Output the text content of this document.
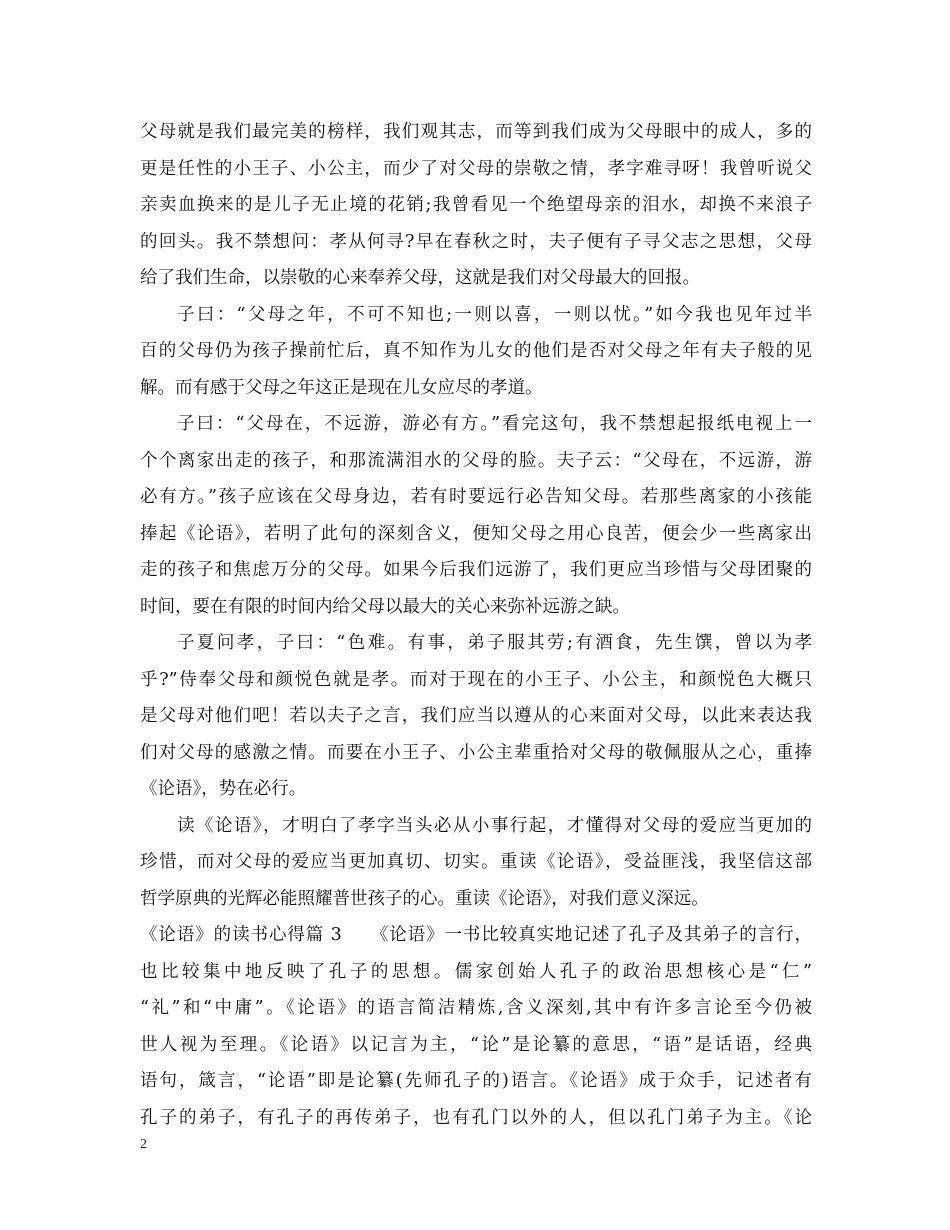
父母就是我们最完美的榜样，我们观其志，而等到我们成为父母眼中的成人，多的
更是任性的小王子、小公主，而少了对父母的崇敬之情，孝字难寻呀！我曾听说父
亲卖血换来的是儿子无止境的花销;我曾看见一个绝望母亲的泪水，却换不来浪子
的回头。我不禁想问：孝从何寻?早在春秋之时，夫子便有子寻父志之思想，父母
给了我们生命，以崇敬的心来奉养父母，这就是我们对父母最大的回报。
子曰：“父母之年，不可不知也;一则以喜，一则以忧。”如今我也见年过半
百的父母仍为孩子操前忙后，真不知作为儿女的他们是否对父母之年有夫子般的见
解。而有感于父母之年这正是现在儿女应尽的孝道。
子曰：“父母在，不远游，游必有方。”看完这句，我不禁想起报纸电视上一
个个离家出走的孩子，和那流满泪水的父母的脸。夫子云：“父母在，不远游，游
必有方。”孩子应该在父母身边，若有时要远行必告知父母。若那些离家的小孩能
捧起《论语》，若明了此句的深刻含义，便知父母之用心良苦，便会少一些离家出
走的孩子和焦虑万分的父母。如果今后我们远游了，我们更应当珍惜与父母团聚的
时间，要在有限的时间内给父母以最大的关心来弥补远游之缺。
子夏问孝，子曰：“色难。有事，弟子服其劳;有酒食，先生馔，曾以为孝
乎?”侍奉父母和颜悦色就是孝。而对于现在的小王子、小公主，和颜悦色大概只
是父母对他们吧！若以夫子之言，我们应当以遵从的心来面对父母，以此来表达我
们对父母的感激之情。而要在小王子、小公主辈重拾对父母的敬佩服从之心，重捧
《论语》，势在必行。
读《论语》，才明白了孝字当头必从小事行起，才懂得对父母的爱应当更加的
珍惜，而对父母的爱应当更加真切、切实。重读《论语》，受益匪浅，我坚信这部
哲学原典的光辉必能照耀普世孩子的心。重读《论语》，对我们意义深远。
《论语》的读书心得篇 3　　《论语》一书比较真实地记述了孔子及其弟子的言行，
也比较集中地反映了孔子的思想。儒家创始人孔子的政治思想核心是“仁”
“礼”和“中庸”。《论语》的语言简洁精炼,含义深刻,其中有许多言论至今仍被
世人视为至理。《论语》以记言为主，“论”是论纂的意思，“语”是话语，经典
语句，箴言，“论语”即是论纂(先师孔子的)语言。《论语》成于众手，记述者有
孔子的弟子，有孔子的再传弟子，也有孔门以外的人，但以孔门弟子为主。《论
2
